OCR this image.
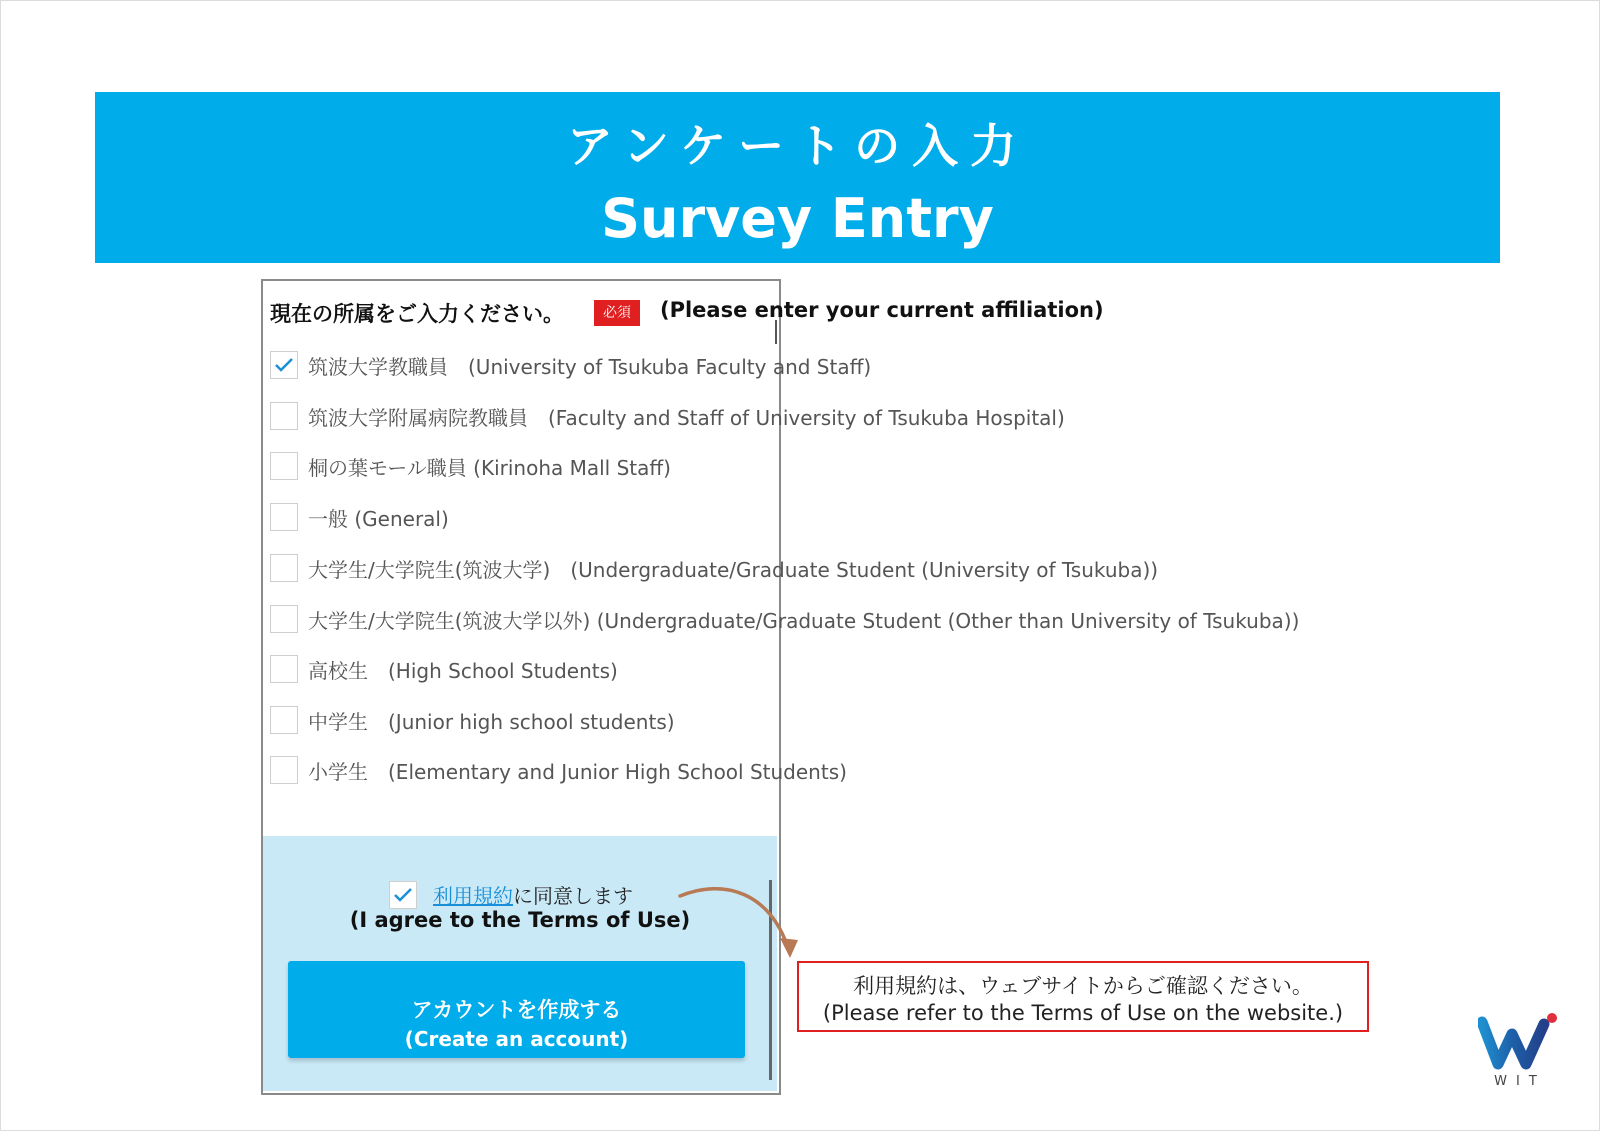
アンケートの入力
Survey Entry
現在の所属をご入力ください。	必須	(Please enter your current affiliation)
筑波大学教職員　(University of Tsukuba Faculty and Staff)
筑波大学附属病院教職員　(Faculty and Staff of University of Tsukuba Hospital)
桐の葉モール職員 (Kirinoha Mall Staff)
一般 (General)
大学生/大学院生(筑波大学)　(Undergraduate/Graduate Student (University of Tsukuba))
大学生/大学院生(筑波大学以外) (Undergraduate/Graduate Student (Other than University of Tsukuba))
高校生　(High School Students)
中学生　(Junior high school students)
小学生　(Elementary and Junior High School Students)
利用規約 に同意します
(I agree to the Terms of Use)
アカウントを作成する
(Create an account)
利用規約は、ウェブサイトからご確認ください。
(Please refer to the Terms of Use on the website.)
WIT
